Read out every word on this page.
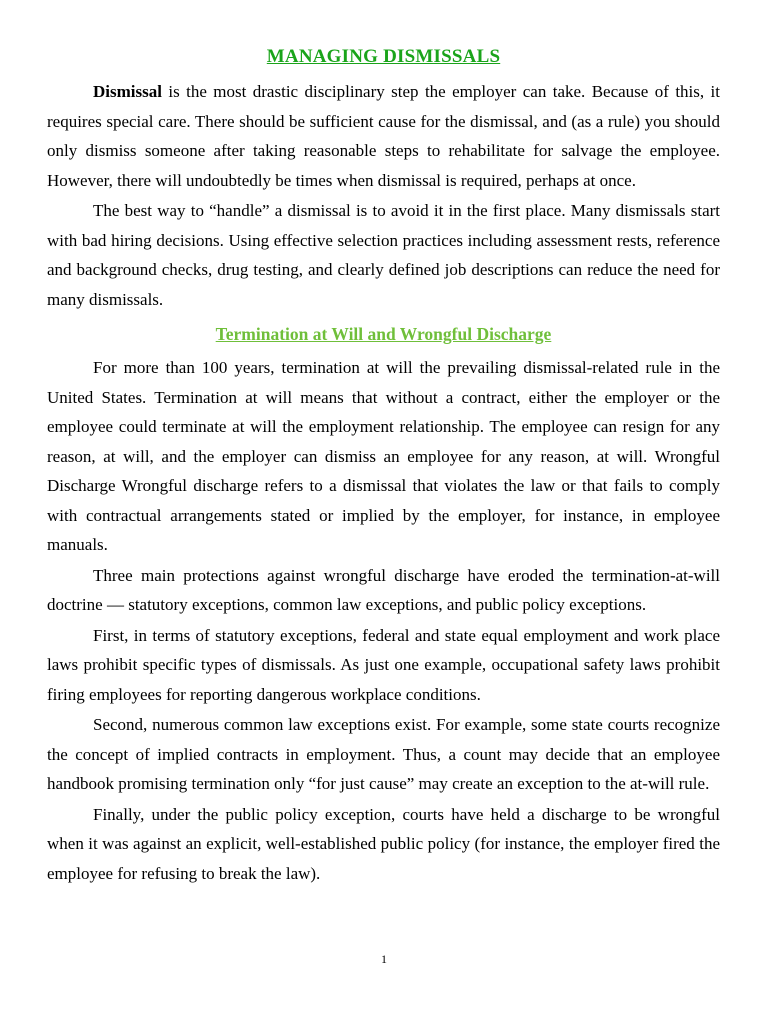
MANAGING DISMISSALS

Dismissal is the most drastic disciplinary step the employer can take. Because of this, it requires special care. There should be sufficient cause for the dismissal, and (as a rule) you should only dismiss someone after taking reasonable steps to rehabilitate for salvage the employee. However, there will undoubtedly be times when dismissal is required, perhaps at once.

The best way to “handle” a dismissal is to avoid it in the first place. Many dismissals start with bad hiring decisions. Using effective selection practices including assessment rests, reference and background checks, drug testing, and clearly defined job descriptions can reduce the need for many dismissals.

Termination at Will and Wrongful Discharge

For more than 100 years, termination at will the prevailing dismissal-related rule in the United States. Termination at will means that without a contract, either the employer or the employee could terminate at will the employment relationship. The employee can resign for any reason, at will, and the employer can dismiss an employee for any reason, at will. Wrongful Discharge Wrongful discharge refers to a dismissal that violates the law or that fails to comply with contractual arrangements stated or implied by the employer, for instance, in employee manuals.

Three main protections against wrongful discharge have eroded the termination-at-will doctrine — statutory exceptions, common law exceptions, and public policy exceptions.

First, in terms of statutory exceptions, federal and state equal employment and work place laws prohibit specific types of dismissals. As just one example, occupational safety laws prohibit firing employees for reporting dangerous workplace conditions.

Second, numerous common law exceptions exist. For example, some state courts recognize the concept of implied contracts in employment. Thus, a count may decide that an employee handbook promising termination only “for just cause” may create an exception to the at-will rule.

Finally, under the public policy exception, courts have held a discharge to be wrongful when it was against an explicit, well-established public policy (for instance, the employer fired the employee for refusing to break the law).

1
